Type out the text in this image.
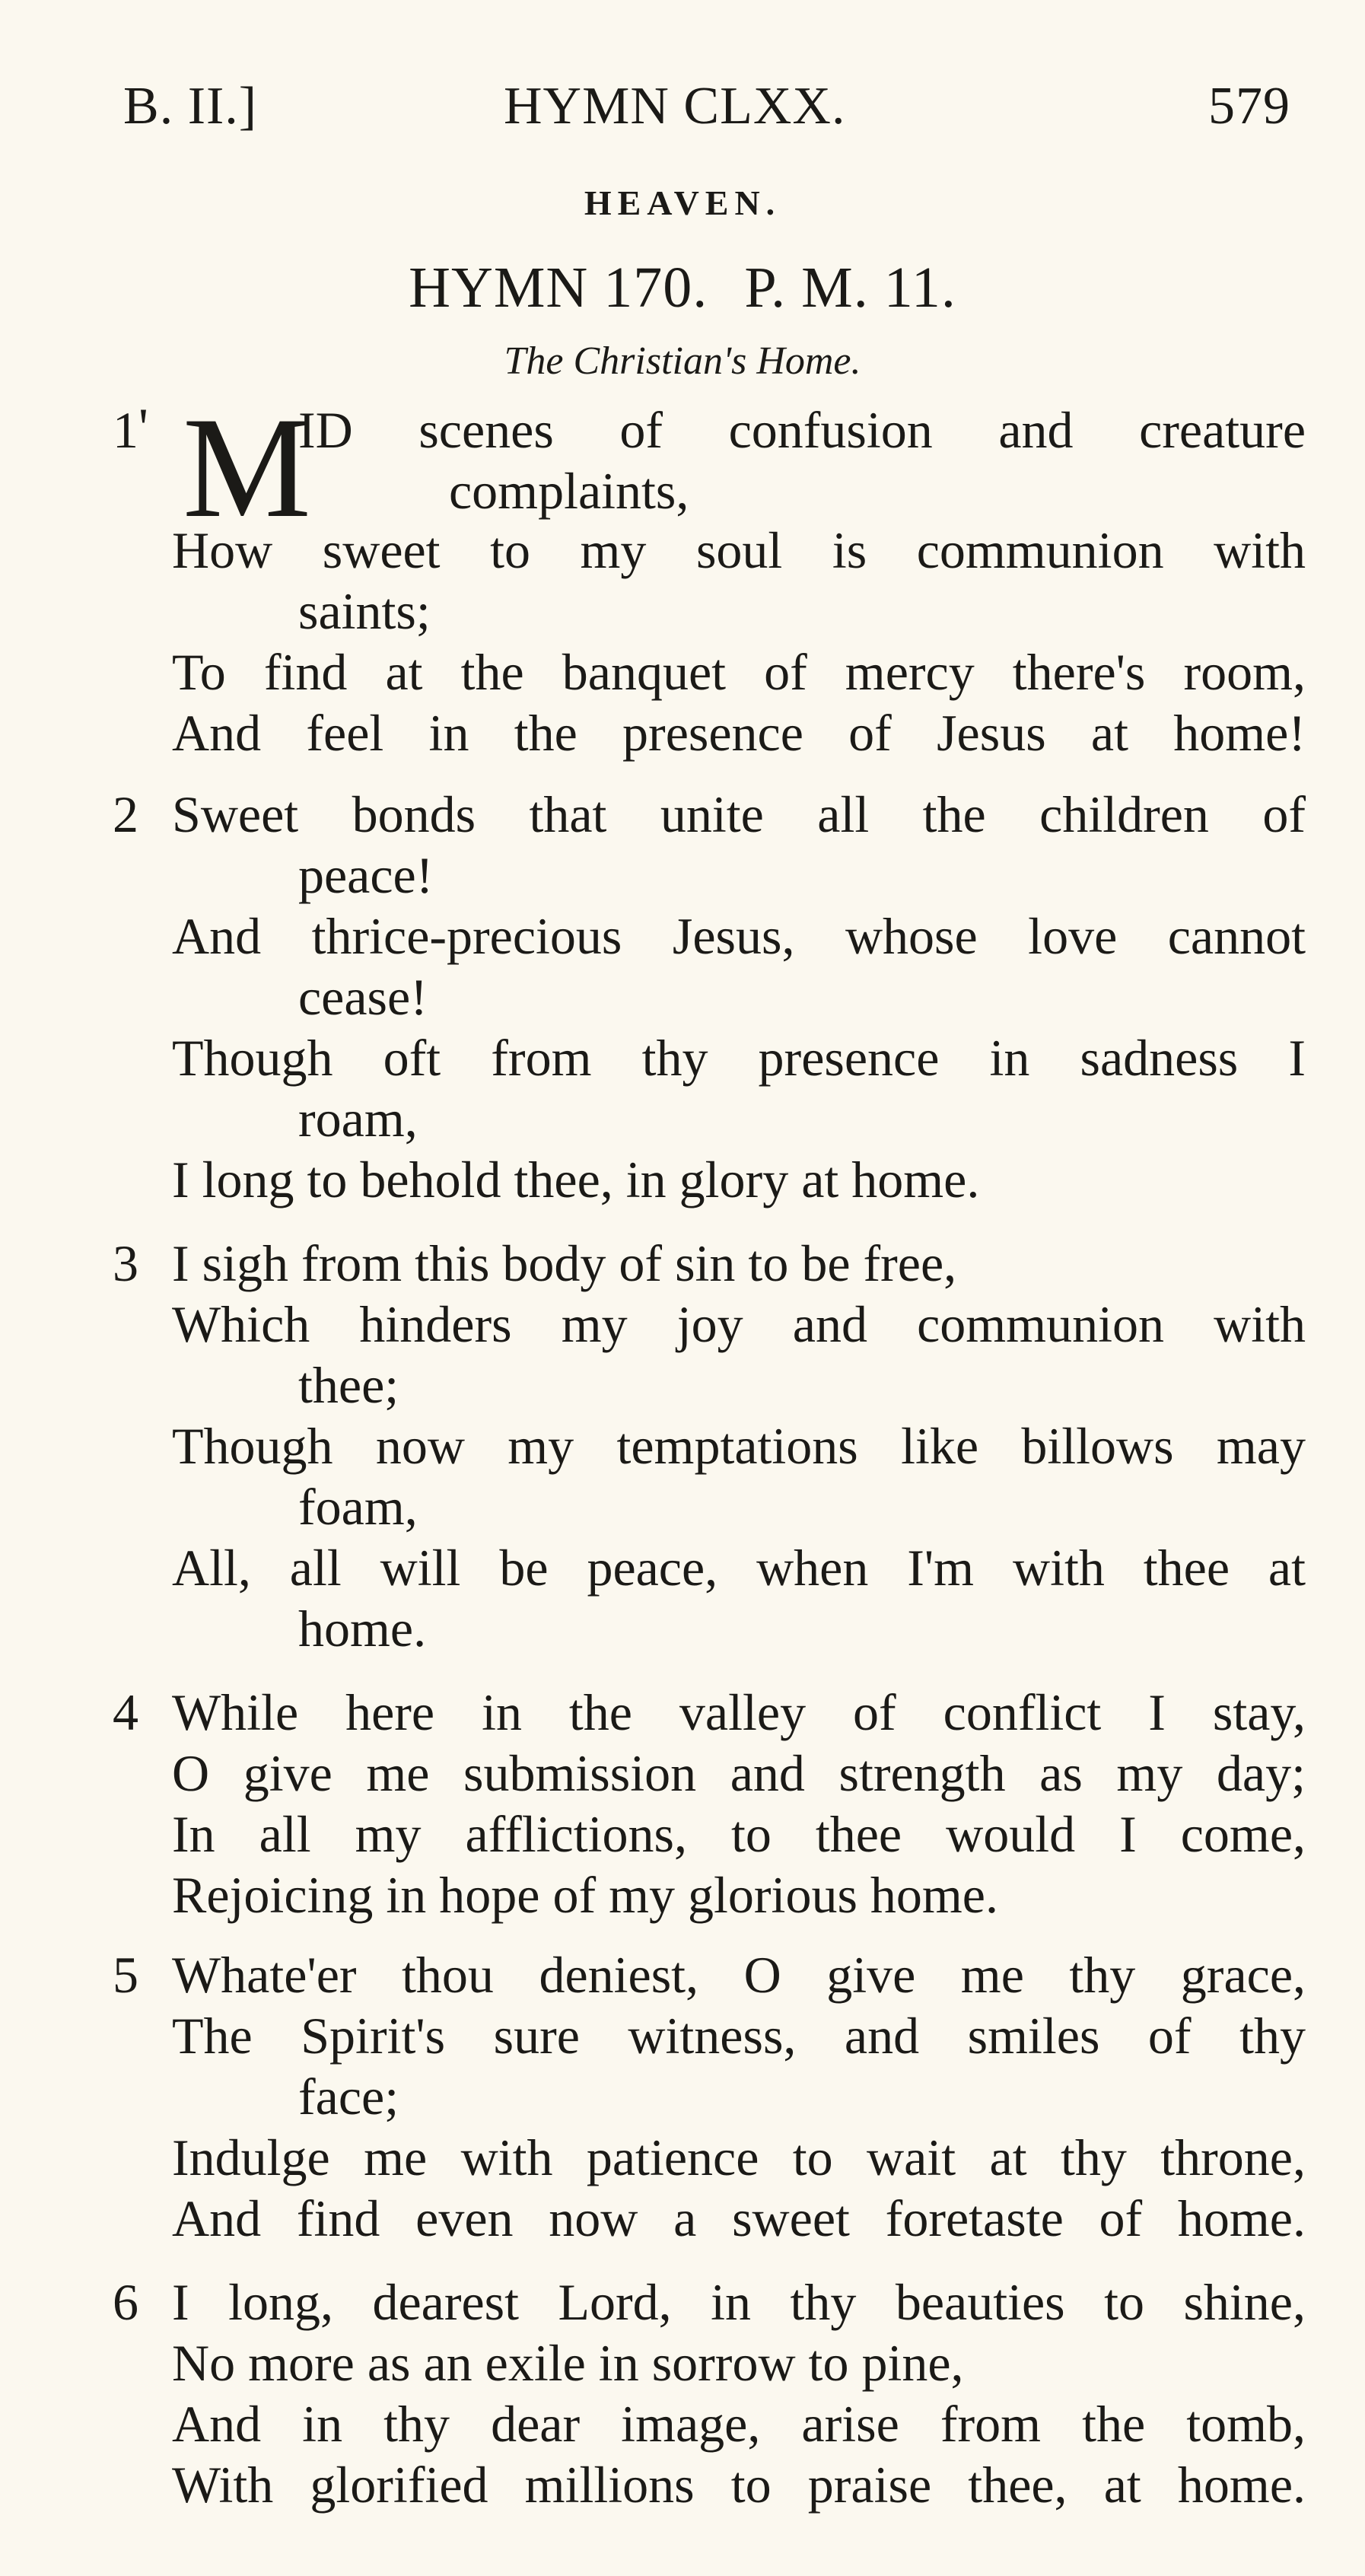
B. II.]	HYMN CLXX.	579
HEAVEN.
HYMN 170. P. M. 11.
The Christian's Home.
1 ' M
ID scenes of confusion and creature
complaints,
How sweet to my soul is communion with
saints;
To find at the banquet of mercy there's room,
And feel in the presence of Jesus at home!
2 Sweet bonds that unite all the children of
peace!
And thrice-precious Jesus, whose love cannot
cease!
Though oft from thy presence in sadness I
roam,
I long to behold thee, in glory at home.
3 I sigh from this body of sin to be free,
Which hinders my joy and communion with
thee;
Though now my temptations like billows may
foam,
All, all will be peace, when I'm with thee at
home.
4 While here in the valley of conflict I stay,
O give me submission and strength as my day;
In all my afflictions, to thee would I come,
Rejoicing in hope of my glorious home.
5 Whate'er thou deniest, O give me thy grace,
The Spirit's sure witness, and smiles of thy
face;
Indulge me with patience to wait at thy throne,
And find even now a sweet foretaste of home.
6 I long, dearest Lord, in thy beauties to shine,
No more as an exile in sorrow to pine,
And in thy dear image, arise from the tomb,
With glorified millions to praise thee, at home.
